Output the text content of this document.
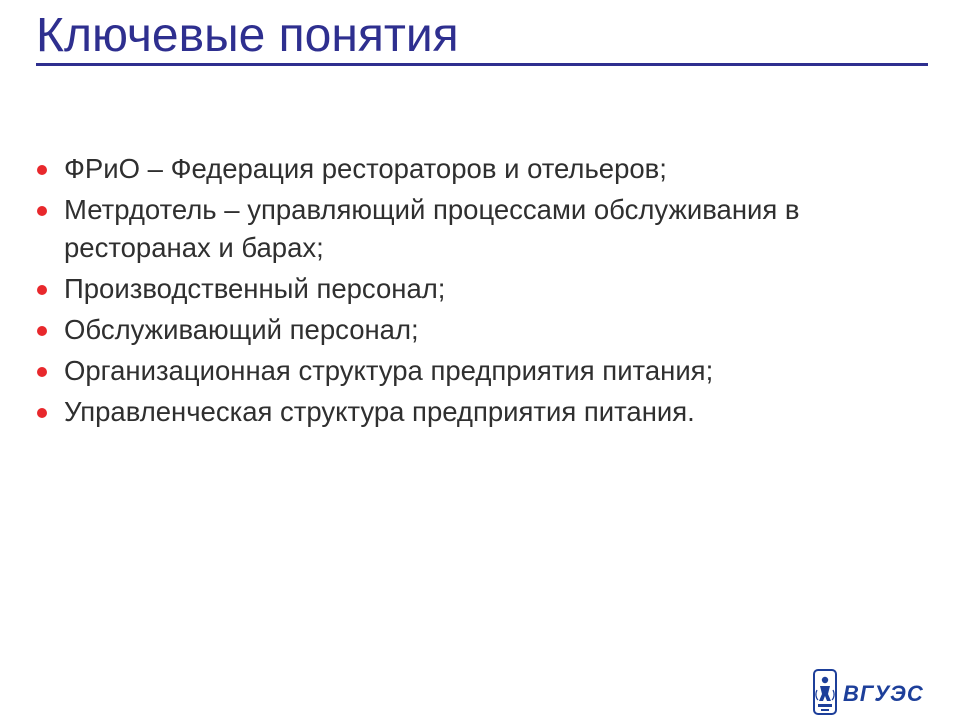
Ключевые понятия
ФРиО – Федерация рестораторов и отельеров;
Метрдотель – управляющий процессами обслуживания в ресторанах и барах;
Производственный персонал;
Обслуживающий персонал;
Организационная структура предприятия питания;
Управленческая структура предприятия питания.
ВГУЭС
